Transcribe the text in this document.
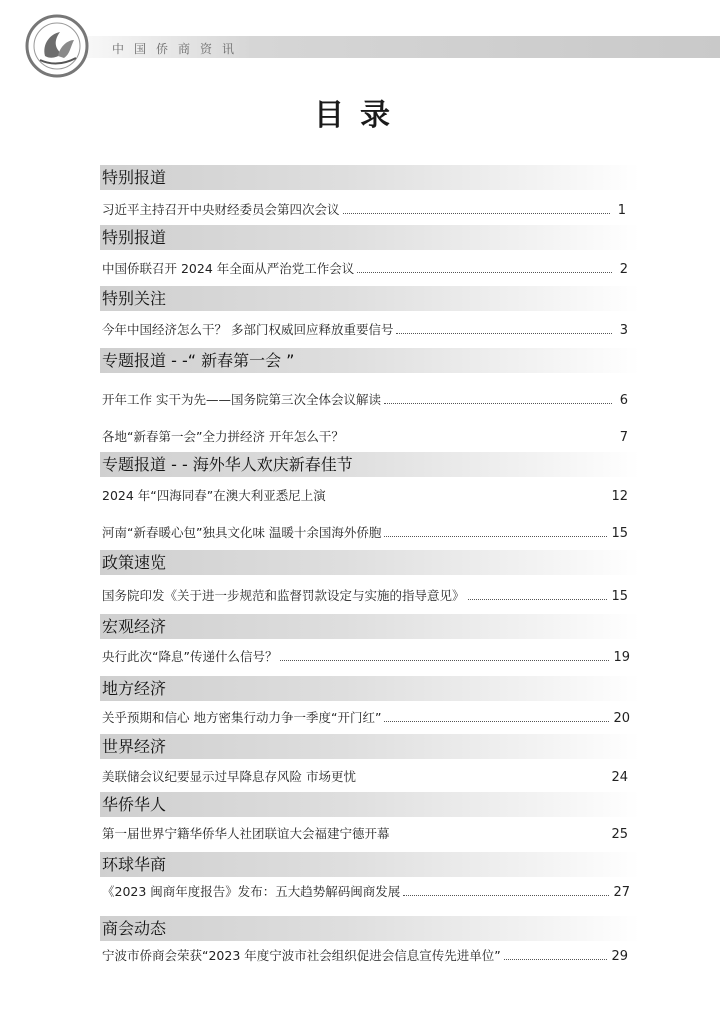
中国侨商资讯
目录
特别报道
习近平主持召开中央财经委员会第四次会议	1
特别报道
中国侨联召开 2024 年全面从严治党工作会议	2
特别关注
今年中国经济怎么干？ 多部门权威回应释放重要信号	3
专题报道 - -“ 新春第一会 ”
开年工作 实干为先——国务院第三次全体会议解读	6
各地“新春第一会”全力拼经济 开年怎么干？	7
专题报道 - - 海外华人欢庆新春佳节
2024 年“四海同春”在澳大利亚悉尼上演	12
河南“新春暖心包”独具文化味 温暖十余国海外侨胞	15
政策速览
国务院印发《关于进一步规范和监督罚款设定与实施的指导意见》	15
宏观经济
央行此次“降息”传递什么信号？	19
地方经济
关乎预期和信心 地方密集行动力争一季度“开门红”	20
世界经济
美联储会议纪要显示过早降息存风险 市场更忧	24
华侨华人
第一届世界宁籍华侨华人社团联谊大会福建宁德开幕	25
环球华商
《2023 闽商年度报告》发布：五大趋势解码闽商发展	27
商会动态
宁波市侨商会荣获“2023 年度宁波市社会组织促进会信息宣传先进单位”	29
